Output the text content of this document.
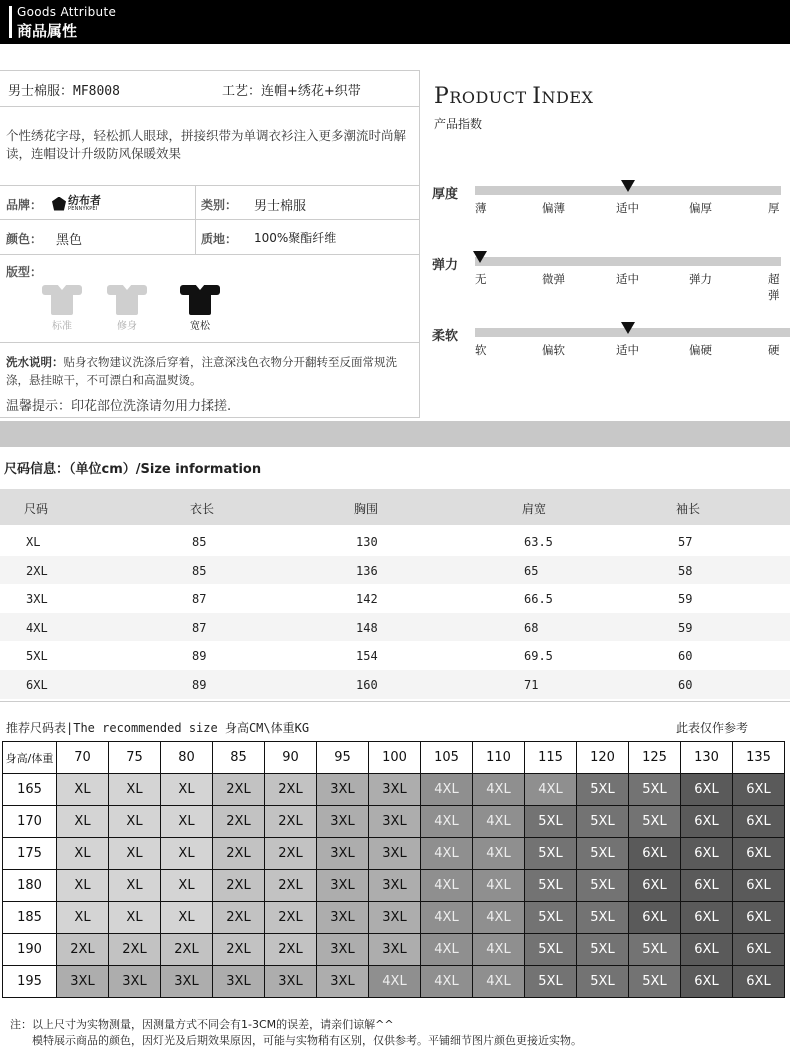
Goods Attribute
商品属性
男士棉服：MF8008	工艺：连帽+绣花+织带
个性绣花字母，轻松抓人眼球，拼接织带为单调衣衫注入更多潮流时尚解读，连帽设计升级防风保暖效果
品牌： 纺布者
PENNYKPEI	类别： 男士棉服
颜色： 黑色	质地： 100%聚酯纤维
版型：
标准	修身	宽松
洗水说明：贴身衣物建议洗涤后穿着，注意深浅色衣物分开翻转至反面常规洗涤，悬挂晾干，不可漂白和高温熨烫。
温馨提示：印花部位洗涤请勿用力揉搓.
PRODUCT INDEX
产品指数
厚度
薄	偏薄	适中	偏厚	厚
弹力
无	微弹	适中	弹力	超弹
柔软
软	偏软	适中	偏硬	硬
尺码信息：（单位cm）/Size information
尺码	衣长	胸围	肩宽	袖长
XL	85	130	63.5	57
2XL	85	136	65	58
3XL	87	142	66.5	59
4XL	87	148	68	59
5XL	89	154	69.5	60
6XL	89	160	71	60
推荐尺码表|The recommended size 身高CM\体重KG	此表仅作参考
身高/体重	70	75	80	85	90	95	100	105	110	115	120	125	130	135
165	XL	XL	XL	2XL	2XL	3XL	3XL	4XL	4XL	4XL	5XL	5XL	6XL	6XL
170	XL	XL	XL	2XL	2XL	3XL	3XL	4XL	4XL	5XL	5XL	5XL	6XL	6XL
175	XL	XL	XL	2XL	2XL	3XL	3XL	4XL	4XL	5XL	5XL	6XL	6XL	6XL
180	XL	XL	XL	2XL	2XL	3XL	3XL	4XL	4XL	5XL	5XL	6XL	6XL	6XL
185	XL	XL	XL	2XL	2XL	3XL	3XL	4XL	4XL	5XL	5XL	6XL	6XL	6XL
190	2XL	2XL	2XL	2XL	2XL	3XL	3XL	4XL	4XL	5XL	5XL	5XL	6XL	6XL
195	3XL	3XL	3XL	3XL	3XL	3XL	4XL	4XL	4XL	5XL	5XL	5XL	6XL	6XL
注：以上尺寸为实物测量，因测量方式不同会有1-3CM的误差，请亲们谅解^^
模特展示商品的颜色，因灯光及后期效果原因，可能与实物稍有区别，仅供参考。平铺细节图片颜色更接近实物。
